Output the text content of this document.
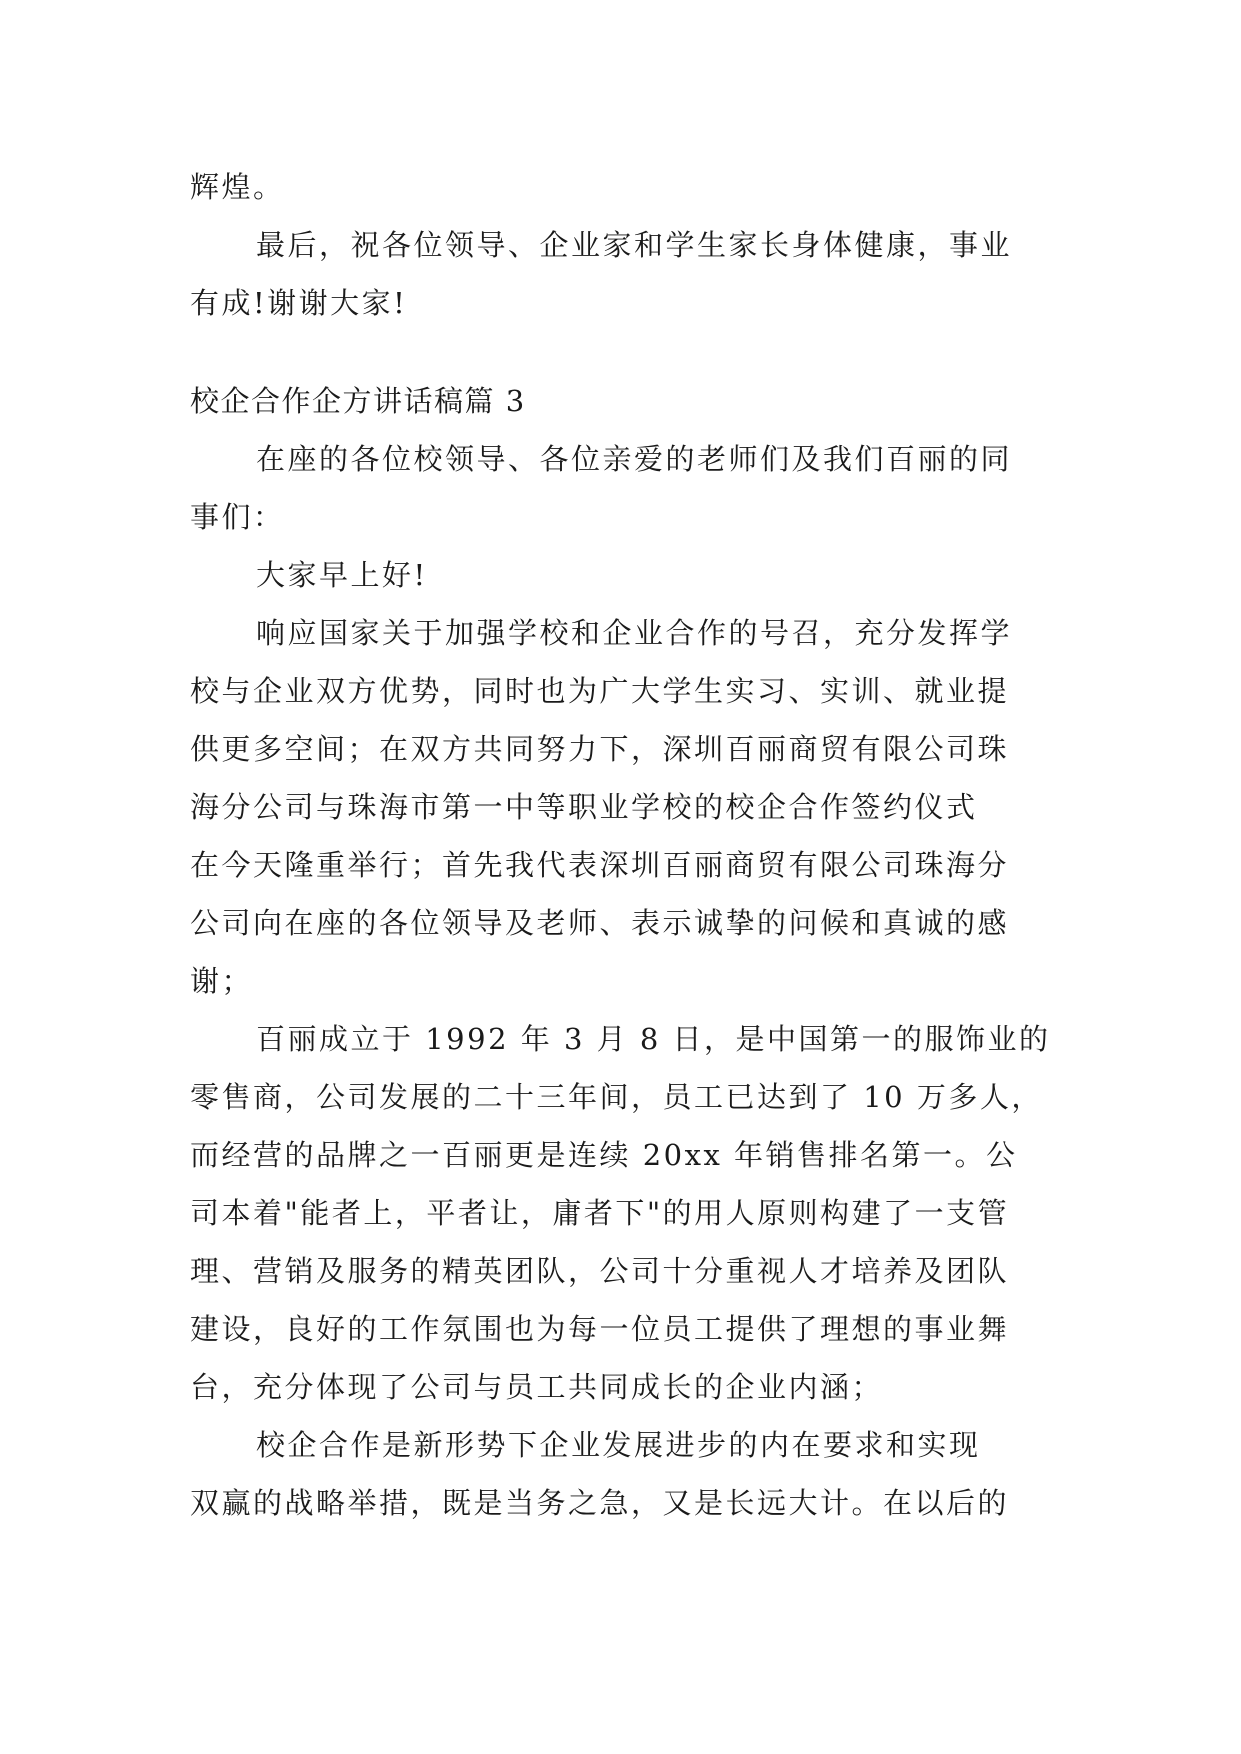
辉煌。
最后，祝各位领导、企业家和学生家长身体健康，事业
有成!谢谢大家!
校企合作企方讲话稿篇 3
在座的各位校领导、各位亲爱的老师们及我们百丽的同
事们：
大家早上好!
响应国家关于加强学校和企业合作的号召，充分发挥学
校与企业双方优势，同时也为广大学生实习、实训、就业提
供更多空间；在双方共同努力下，深圳百丽商贸有限公司珠
海分公司与珠海市第一中等职业学校的校企合作签约仪式
在今天隆重举行；首先我代表深圳百丽商贸有限公司珠海分
公司向在座的各位领导及老师、表示诚挚的问候和真诚的感
谢；
百丽成立于 1992 年 3 月 8 日，是中国第一的服饰业的
零售商，公司发展的二十三年间，员工已达到了 10 万多人，
而经营的品牌之一百丽更是连续 20xx 年销售排名第一。公
司本着"能者上，平者让，庸者下"的用人原则构建了一支管
理、营销及服务的精英团队，公司十分重视人才培养及团队
建设，良好的工作氛围也为每一位员工提供了理想的事业舞
台，充分体现了公司与员工共同成长的企业内涵；
校企合作是新形势下企业发展进步的内在要求和实现
双赢的战略举措，既是当务之急，又是长远大计。在以后的
